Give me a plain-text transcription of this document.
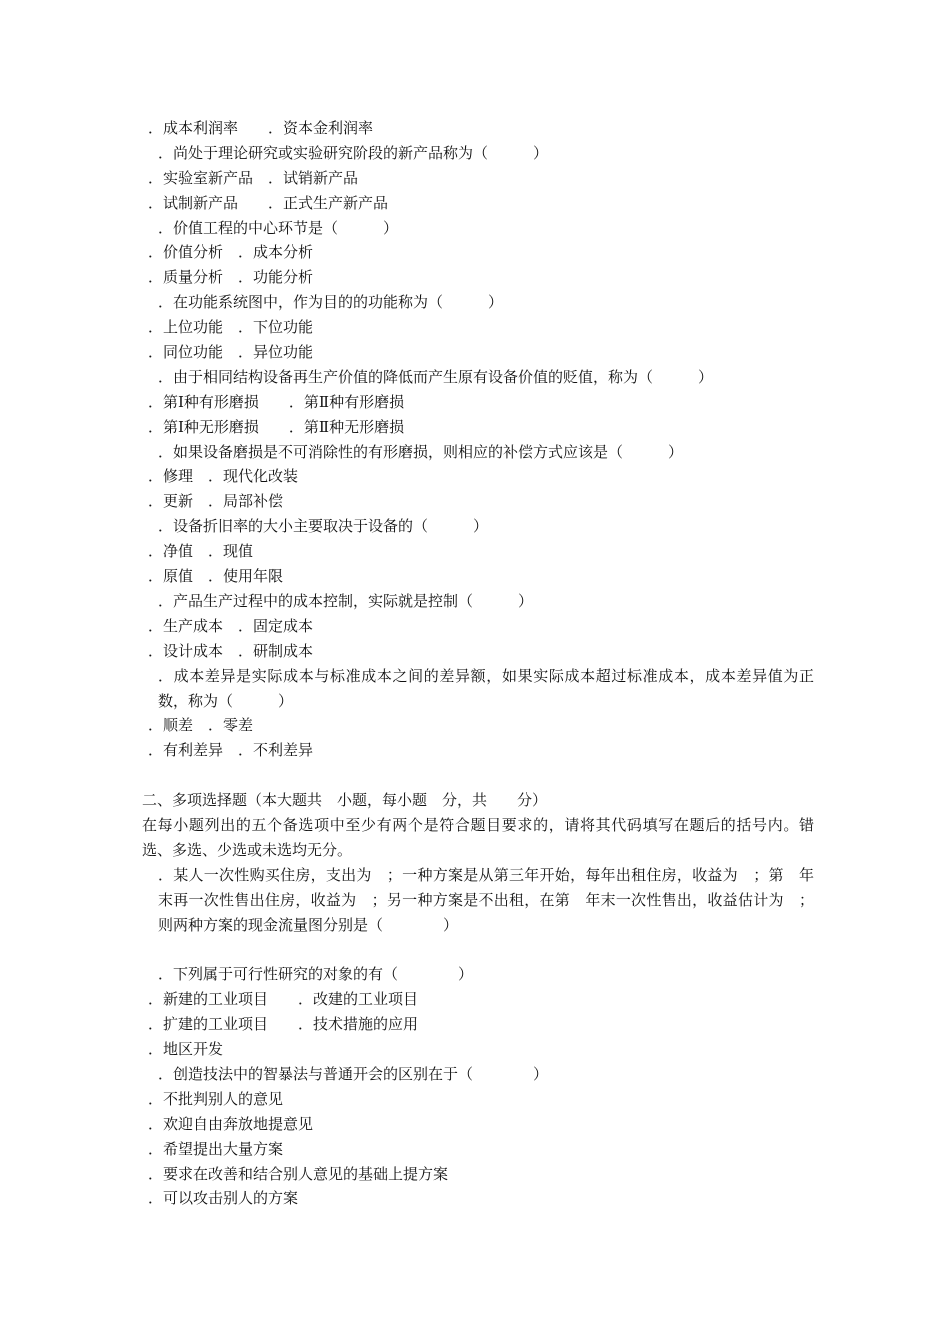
．成本利润率　　．资本金利润率
．尚处于理论研究或实验研究阶段的新产品称为（　　　）
．实验室新产品　．试销新产品
．试制新产品　　．正式生产新产品
．价值工程的中心环节是（　　　）
．价值分析　．成本分析
．质量分析　．功能分析
．在功能系统图中，作为目的的功能称为（　　　）
．上位功能　．下位功能
．同位功能　．异位功能
．由于相同结构设备再生产价值的降低而产生原有设备价值的贬值，称为（　　　）
．第Ⅰ种有形磨损　　．第Ⅱ种有形磨损
．第Ⅰ种无形磨损　　．第Ⅱ种无形磨损
．如果设备磨损是不可消除性的有形磨损，则相应的补偿方式应该是（　　　）
．修理　．现代化改装
．更新　．局部补偿
．设备折旧率的大小主要取决于设备的（　　　）
．净值　．现值
．原值　．使用年限
．产品生产过程中的成本控制，实际就是控制（　　　）
．生产成本　．固定成本
．设计成本　．研制成本
．成本差异是实际成本与标准成本之间的差异额，如果实际成本超过标准成本，成本差异值为正数，称为（　　　）
．顺差　．零差
．有利差异　．不利差异
二、多项选择题（本大题共　小题，每小题　分，共　　分）
在每小题列出的五个备选项中至少有两个是符合题目要求的，请将其代码填写在题后的括号内。错选、多选、少选或未选均无分。
．某人一次性购买住房，支出为　；一种方案是从第三年开始，每年出租住房，收益为　；第　年末再一次性售出住房，收益为　；另一种方案是不出租，在第　年末一次性售出，收益估计为　；则两种方案的现金流量图分别是（　　　　）
．下列属于可行性研究的对象的有（　　　　）
．新建的工业项目　　．改建的工业项目
．扩建的工业项目　　．技术措施的应用
．地区开发
．创造技法中的智暴法与普通开会的区别在于（　　　　）
．不批判别人的意见
．欢迎自由奔放地提意见
．希望提出大量方案
．要求在改善和结合别人意见的基础上提方案
．可以攻击别人的方案
